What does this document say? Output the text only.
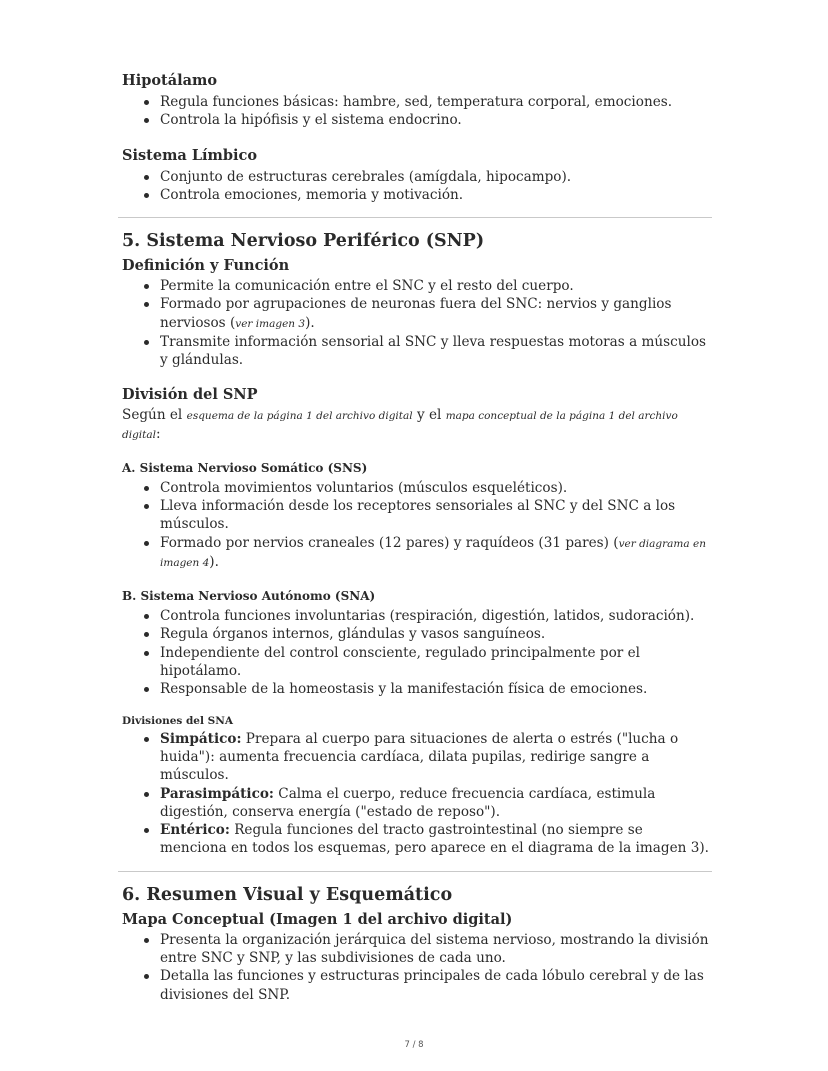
Hipotálamo
Regula funciones básicas: hambre, sed, temperatura corporal, emociones.
Controla la hipófisis y el sistema endocrino.
Sistema Límbico
Conjunto de estructuras cerebrales (amígdala, hipocampo).
Controla emociones, memoria y motivación.
5. Sistema Nervioso Periférico (SNP)
Definición y Función
Permite la comunicación entre el SNC y el resto del cuerpo.
Formado por agrupaciones de neuronas fuera del SNC: nervios y ganglios nerviosos (ver imagen 3).
Transmite información sensorial al SNC y lleva respuestas motoras a músculos y glándulas.
División del SNP

Según el esquema de la página 1 del archivo digital y el mapa conceptual de la página 1 del archivo digital:

A. Sistema Nervioso Somático (SNS)
Controla movimientos voluntarios (músculos esqueléticos).
Lleva información desde los receptores sensoriales al SNC y del SNC a los músculos.
Formado por nervios craneales (12 pares) y raquídeos (31 pares) (ver diagrama en imagen 4).
B. Sistema Nervioso Autónomo (SNA)
Controla funciones involuntarias (respiración, digestión, latidos, sudoración).
Regula órganos internos, glándulas y vasos sanguíneos.
Independiente del control consciente, regulado principalmente por el hipotálamo.
Responsable de la homeostasis y la manifestación física de emociones.
Divisiones del SNA
Simpático: Prepara al cuerpo para situaciones de alerta o estrés ("lucha o huida"): aumenta frecuencia cardíaca, dilata pupilas, redirige sangre a músculos.
Parasimpático: Calma el cuerpo, reduce frecuencia cardíaca, estimula digestión, conserva energía ("estado de reposo").
Entérico: Regula funciones del tracto gastrointestinal (no siempre se menciona en todos los esquemas, pero aparece en el diagrama de la imagen 3).
6. Resumen Visual y Esquemático
Mapa Conceptual (Imagen 1 del archivo digital)
Presenta la organización jerárquica del sistema nervioso, mostrando la división entre SNC y SNP, y las subdivisiones de cada uno.
Detalla las funciones y estructuras principales de cada lóbulo cerebral y de las divisiones del SNP.
7 / 8
